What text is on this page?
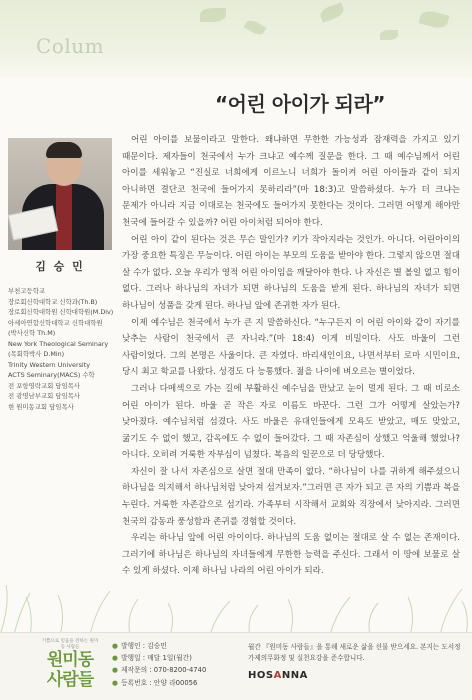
Colum
“어린 아이가 되라”
김 승 민
부천고등학교
장로회신학대학교 신학과(Th.B)
장로회신학대학원 신학대학원(M.Div)
아세아연합신학대학교 신학대학원
(박사신학 Th.M)
New York Theological Seminary
(목회학박사 D.Min)
Trinity Western University
ACTS Seminary(MACS) 수학
전 포항영락교회 담임목사
전 광명남부교회 담임목사
현 원미동교회 담임목사

어린 아이를 보물이라고 말한다. 왜냐하면 무한한 가능성과 잠재력을 가지고 있기 때문이다. 제자들이 천국에서 누가 크냐고 예수께 질문을 한다. 그 때 예수님께서 어린 아이를 세워놓고 “진실로 너희에게 이르노니 너희가 돌이켜 어린 아이들과 같이 되지 아니하면 결단코 천국에 들어가지 못하리라”(마 18:3)고 말씀하셨다. 누가 더 크냐는 문제가 아니라 지금 이대로는 천국에도 들어가지 못한다는 것이다. 그러면 어떻게 해야만 천국에 들어갈 수 있을까? 어린 아이처럼 되어야 한다.

어린 아이 같이 된다는 것은 무슨 말인가? 키가 작아지라는 것인가. 아니다. 어린아이의 가장 중요한 특징은 무능이다. 어린 아이는 부모의 도움을 받아야 한다. 그렇지 않으면 절대 살 수가 없다. 오늘 우리가 영적 어린 아이임을 깨달아야 한다. 나 자신은 별 볼일 없고 힘이 없다. 그러나 하나님의 자녀가 되면 하나님의 도움을 받게 된다. 하나님의 자녀가 되면 하나님이 성품을 갖게 된다. 하나님 앞에 존귀한 자가 된다.

이제 예수님은 천국에서 누가 큰 지 말씀하신다. “누구든지 이 어린 아이와 같이 자기를 낮추는 사람이 천국에서 큰 자니라.”(마 18:4) 이게 비밀이다. 사도 바울이 그런 사람이었다. 그의 본명은 사울이다. 큰 자였다. 바리새인이요, 나면서부터 로마 시민이요, 당시 최고 학교를 나왔다. 성경도 다 능통했다. 젊을 나이에 벼오르는 별이었다.

그러나 다메섹으로 가는 길에 부활하신 예수님을 만났고 눈이 멀게 된다. 그 때 비로소 어린 아이가 된다. 바울 곧 작은 자로 이름도 바꾼다. 그런 그가 어떻게 살았는가? 낮아졌다. 예수님처럼 섬겼다. 사도 바울은 유대인들에게 모욕도 받았고, 매도 맞았고, 굶기도 수 없이 했고, 감옥에도 수 없이 들어갔다. 그 때 자존심이 상했고 억울해 했었나? 아니다. 오히려 거룩한 자부심이 넘쳤다. 복음의 일꾼으로 더 당당했다.

자신이 잘 나서 자존심으로 살면 절대 만족이 없다. “하나님이 나를 귀하게 해주셨으니 하나님을 의지해서 하나님처럼 낮아져 섬겨보자.”그러면 큰 자가 되고 큰 자의 기쁨과 복을 누린다. 거룩한 자존감으로 섬기라. 가족부터 시작해서 교회와 직장에서 낮아지라. 그러면 천국의 감동과 풍성함과 존귀를 경험할 것이다.

우리는 하나님 앞에 어린 아이이다. 하나님의 도움 없이는 절대로 살 수 없는 존재이다. 그러기에 하나님은 하나님의 자녀들에게 무한한 능력을 주신다. 그래서 이 땅에 보물로 살 수 있게 하셨다. 이제 하나님 나라의 어린 아이가 되라.

기쁨으로 믿음을 전하는 원미동 사람들
원미동사람들
● 발행인 : 김승민
● 발행일 : 매달 1일(월간)
● 제작문의 : 070-8200-4740
● 등록번호 : 안양 라00056
월간 『원미동 사람들』을 통해 새로운 삶을 선물 받으세요. 본지는 도서정가제의무화정 및 실천요강을 준수합니다.
HOSANNA
